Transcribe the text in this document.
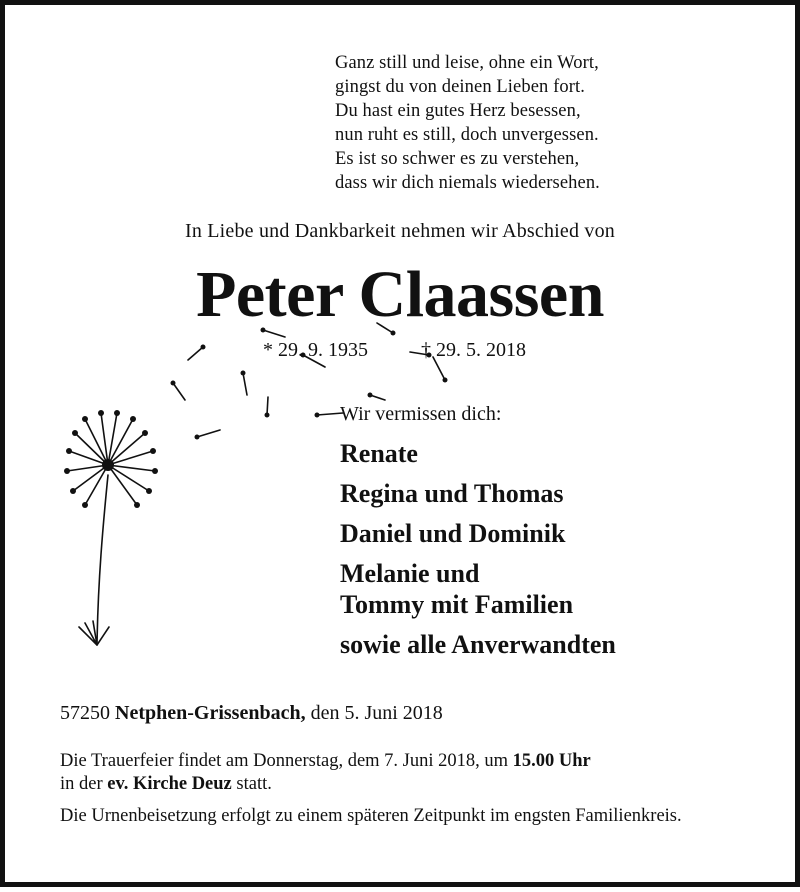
Ganz still und leise, ohne ein Wort,
gingst du von deinen Lieben fort.
Du hast ein gutes Herz besessen,
nun ruht es still, doch unvergessen.
Es ist so schwer es zu verstehen,
dass wir dich niemals wiedersehen.
In Liebe und Dankbarkeit nehmen wir Abschied von
Peter Claassen
* 29. 9. 1935	† 29. 5. 2018
Wir vermissen dich:
Renate
Regina und Thomas
Daniel und Dominik
Melanie und
Tommy mit Familien
sowie alle Anverwandten
57250 Netphen-Grissenbach, den 5. Juni 2018
Die Trauerfeier findet am Donnerstag, dem 7. Juni 2018, um 15.00 Uhr
in der ev. Kirche Deuz statt.
Die Urnenbeisetzung erfolgt zu einem späteren Zeitpunkt im engsten Familienkreis.
